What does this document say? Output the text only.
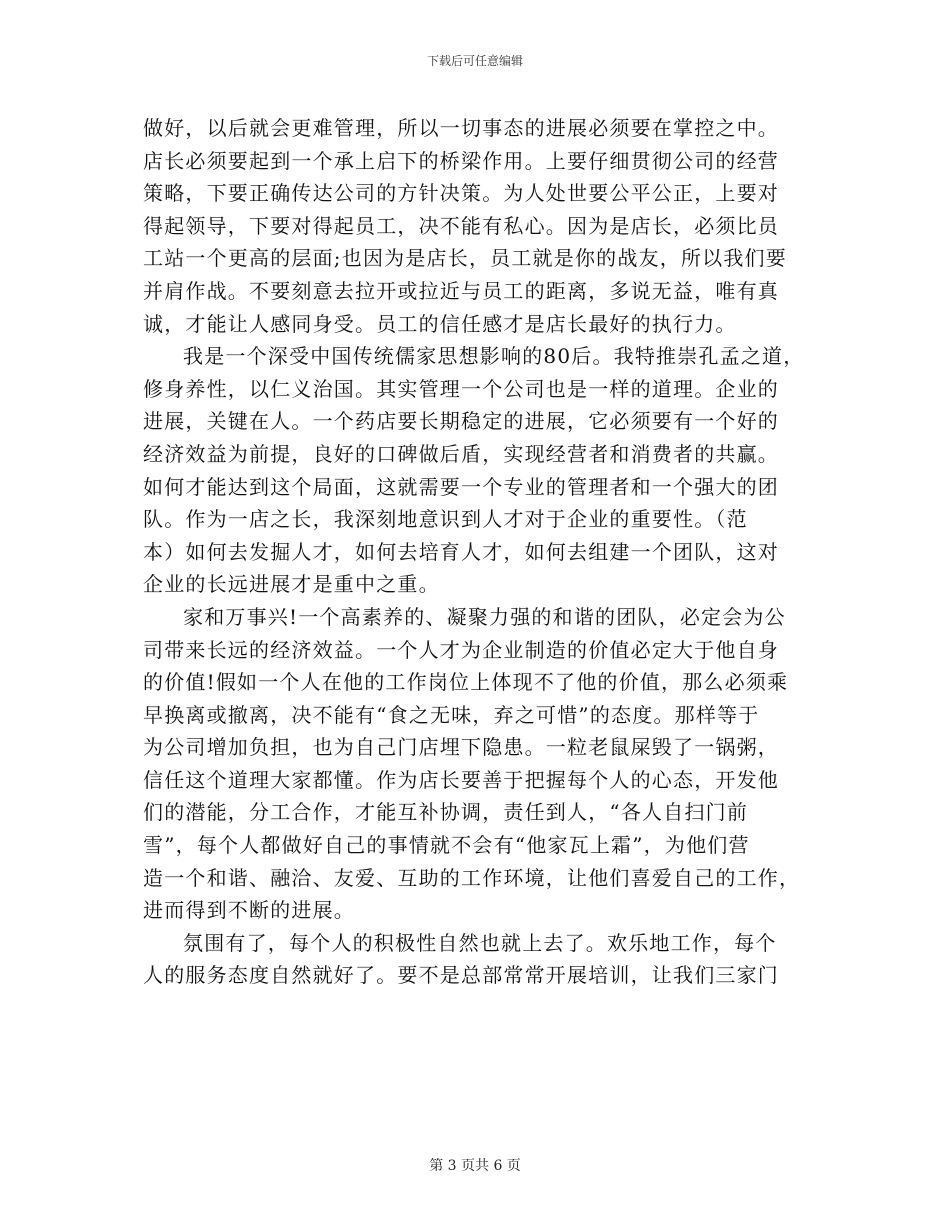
下载后可任意编辑
做好，以后就会更难管理，所以一切事态的进展必须要在掌控之中。
店长必须要起到一个承上启下的桥梁作用。上要仔细贯彻公司的经营
策略，下要正确传达公司的方针决策。为人处世要公平公正，上要对
得起领导，下要对得起员工，决不能有私心。因为是店长，必须比员
工站一个更高的层面;也因为是店长，员工就是你的战友，所以我们要
并肩作战。不要刻意去拉开或拉近与员工的距离，多说无益，唯有真
诚，才能让人感同身受。员工的信任感才是店长最好的执行力。
我是一个深受中国传统儒家思想影响的80后。我特推崇孔孟之道，
修身养性，以仁义治国。其实管理一个公司也是一样的道理。企业的
进展，关键在人。一个药店要长期稳定的进展，它必须要有一个好的
经济效益为前提，良好的口碑做后盾，实现经营者和消费者的共赢。
如何才能达到这个局面，这就需要一个专业的管理者和一个强大的团
队。作为一店之长，我深刻地意识到人才对于企业的重要性。（范
本）如何去发掘人才，如何去培育人才，如何去组建一个团队，这对
企业的长远进展才是重中之重。
家和万事兴!一个高素养的、凝聚力强的和谐的团队，必定会为公
司带来长远的经济效益。一个人才为企业制造的价值必定大于他自身
的价值!假如一个人在他的工作岗位上体现不了他的价值，那么必须乘
早换离或撤离，决不能有“食之无味，弃之可惜”的态度。那样等于
为公司增加负担，也为自己门店埋下隐患。一粒老鼠屎毁了一锅粥，
信任这个道理大家都懂。作为店长要善于把握每个人的心态，开发他
们的潜能，分工合作，才能互补协调，责任到人，“各人自扫门前
雪”，每个人都做好自己的事情就不会有“他家瓦上霜”，为他们营
造一个和谐、融洽、友爱、互助的工作环境，让他们喜爱自己的工作，
进而得到不断的进展。
氛围有了，每个人的积极性自然也就上去了。欢乐地工作，每个
人的服务态度自然就好了。要不是总部常常开展培训，让我们三家门
第 3 页共 6 页
